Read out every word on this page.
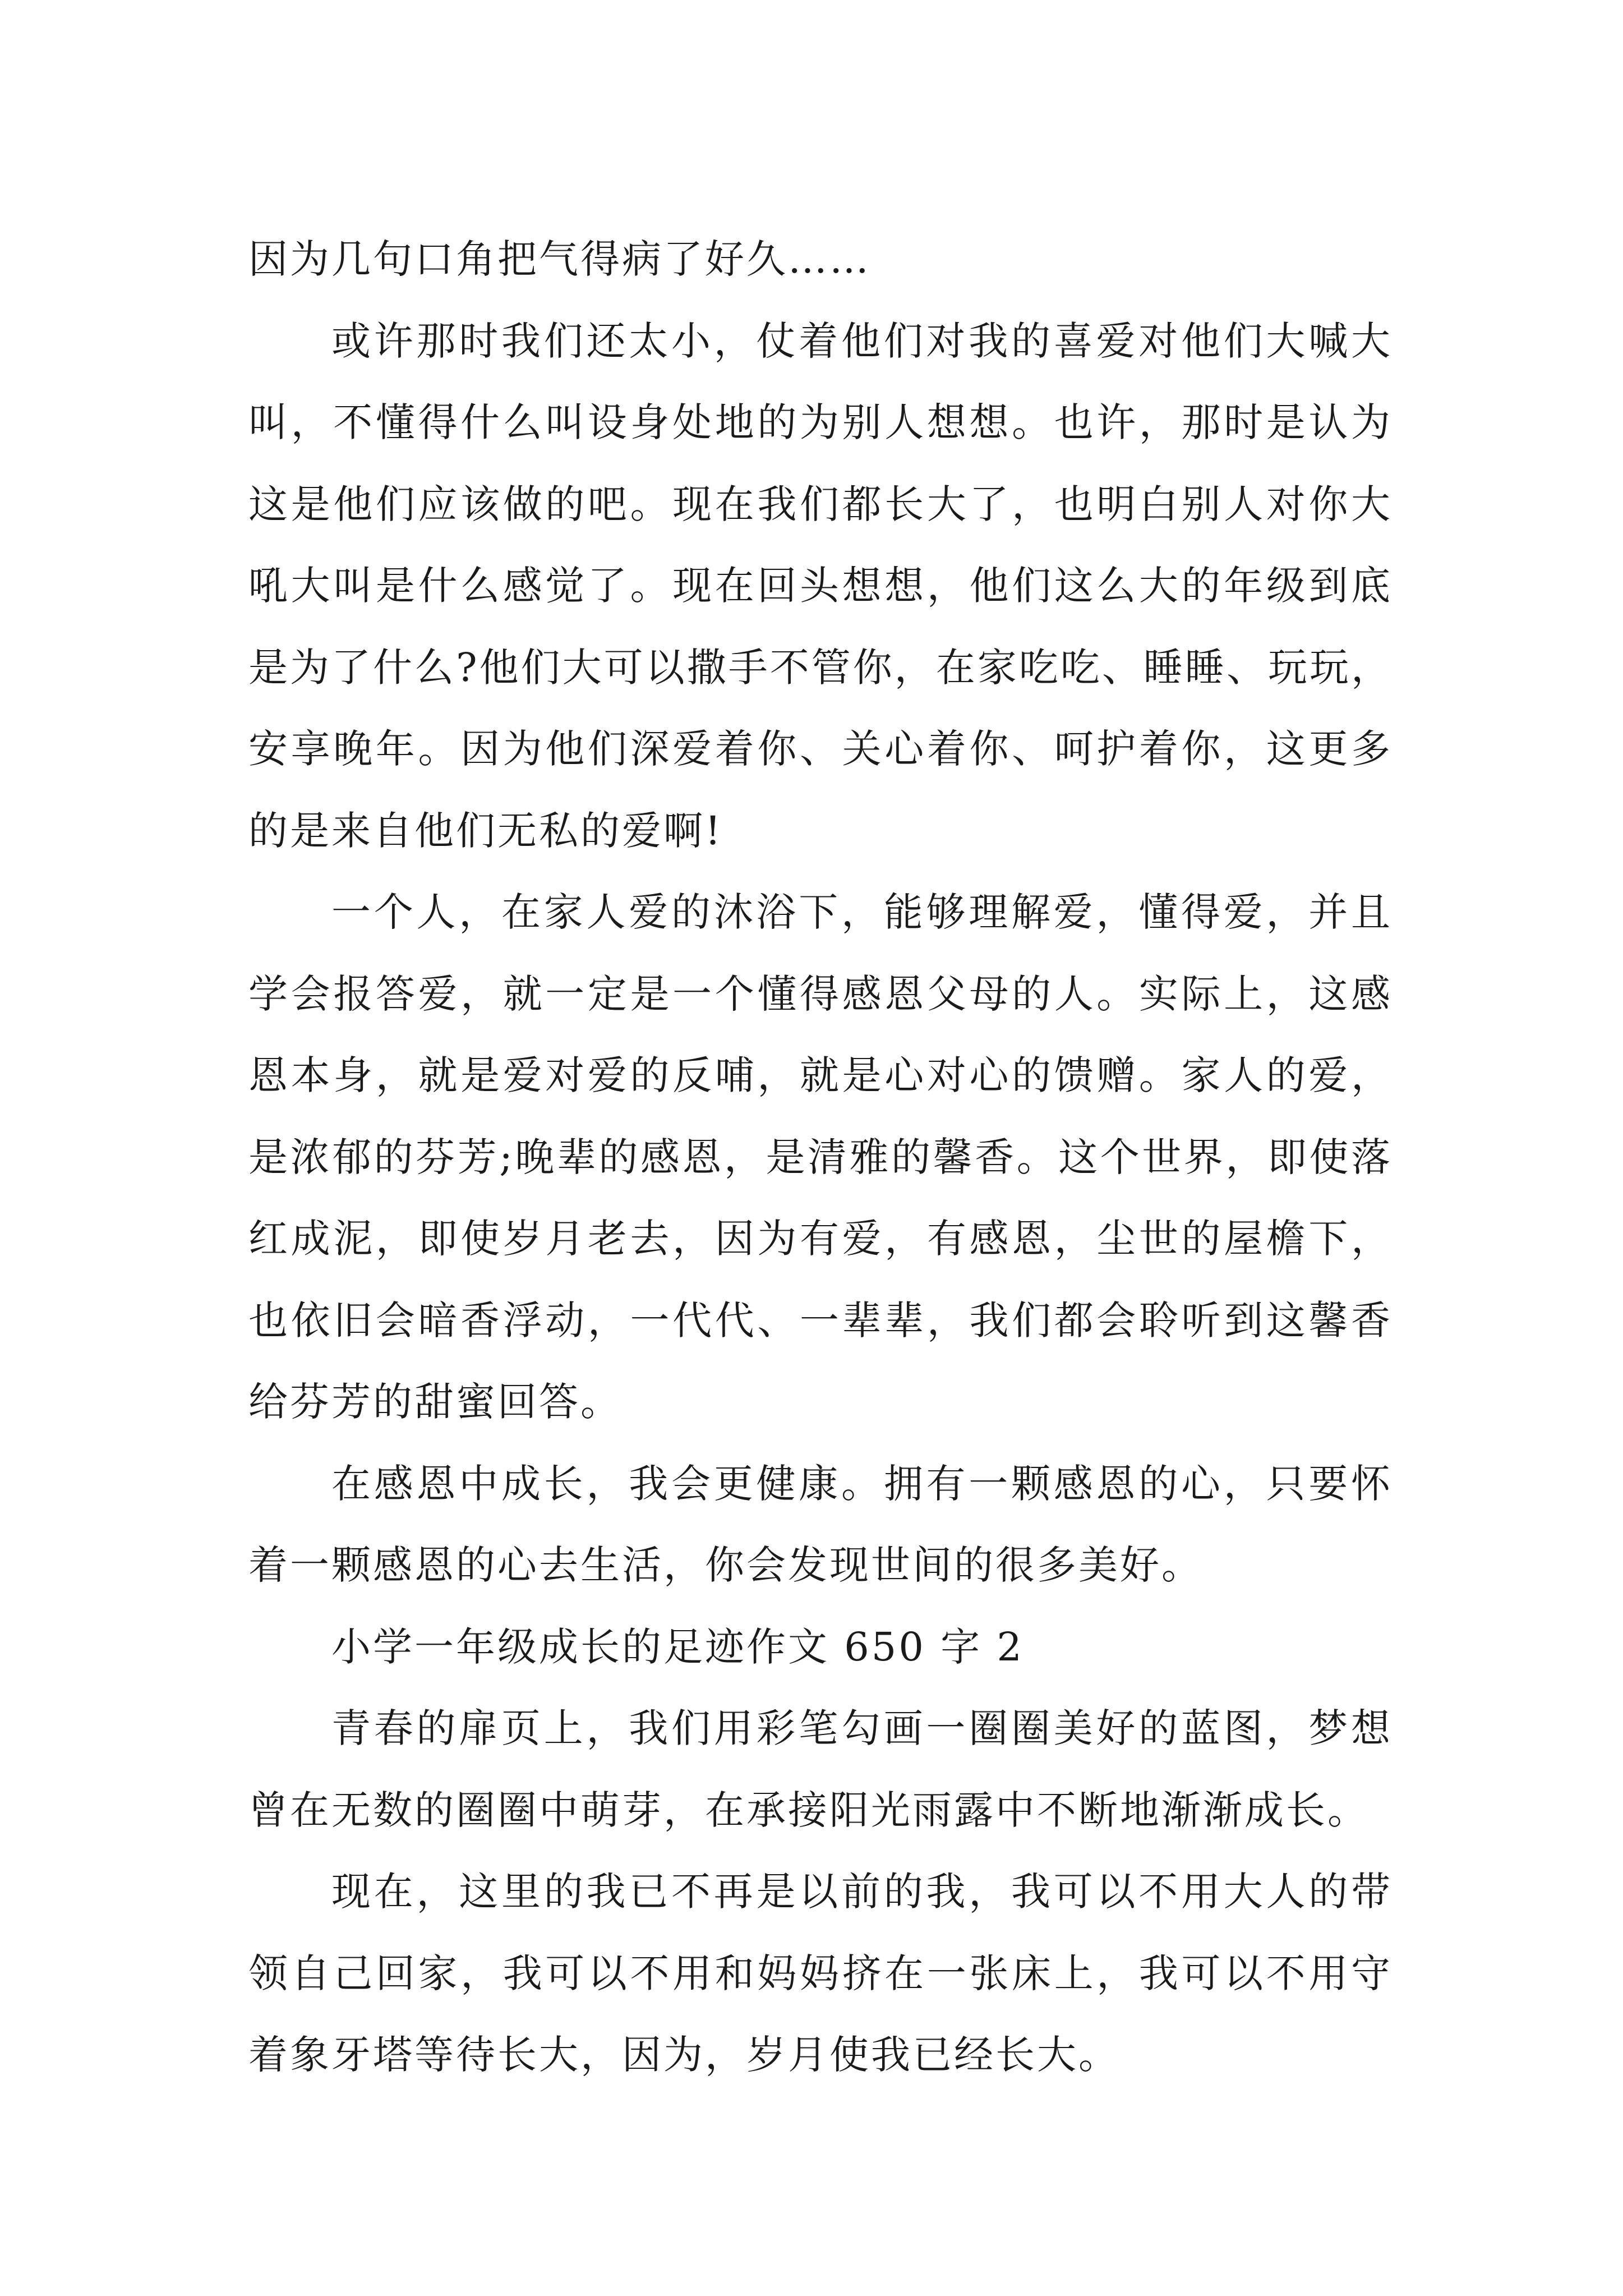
因为几句口角把气得病了好久……

或许那时我们还太小，仗着他们对我的喜爱对他们大喊大叫，不懂得什么叫设身处地的为别人想想。也许，那时是认为这是他们应该做的吧。现在我们都长大了，也明白别人对你大吼大叫是什么感觉了。现在回头想想，他们这么大的年级到底是为了什么?他们大可以撒手不管你，在家吃吃、睡睡、玩玩，安享晚年。因为他们深爱着你、关心着你、呵护着你，这更多的是来自他们无私的爱啊!

一个人，在家人爱的沐浴下，能够理解爱，懂得爱，并且学会报答爱，就一定是一个懂得感恩父母的人。实际上，这感恩本身，就是爱对爱的反哺，就是心对心的馈赠。家人的爱，是浓郁的芬芳;晚辈的感恩，是清雅的馨香。这个世界，即使落红成泥，即使岁月老去，因为有爱，有感恩，尘世的屋檐下，也依旧会暗香浮动，一代代、一辈辈，我们都会聆听到这馨香给芬芳的甜蜜回答。

在感恩中成长，我会更健康。拥有一颗感恩的心，只要怀着一颗感恩的心去生活，你会发现世间的很多美好。

小学一年级成长的足迹作文 650 字 2

青春的扉页上，我们用彩笔勾画一圈圈美好的蓝图，梦想曾在无数的圈圈中萌芽，在承接阳光雨露中不断地渐渐成长。

现在，这里的我已不再是以前的我，我可以不用大人的带领自己回家，我可以不用和妈妈挤在一张床上，我可以不用守着象牙塔等待长大，因为，岁月使我已经长大。
